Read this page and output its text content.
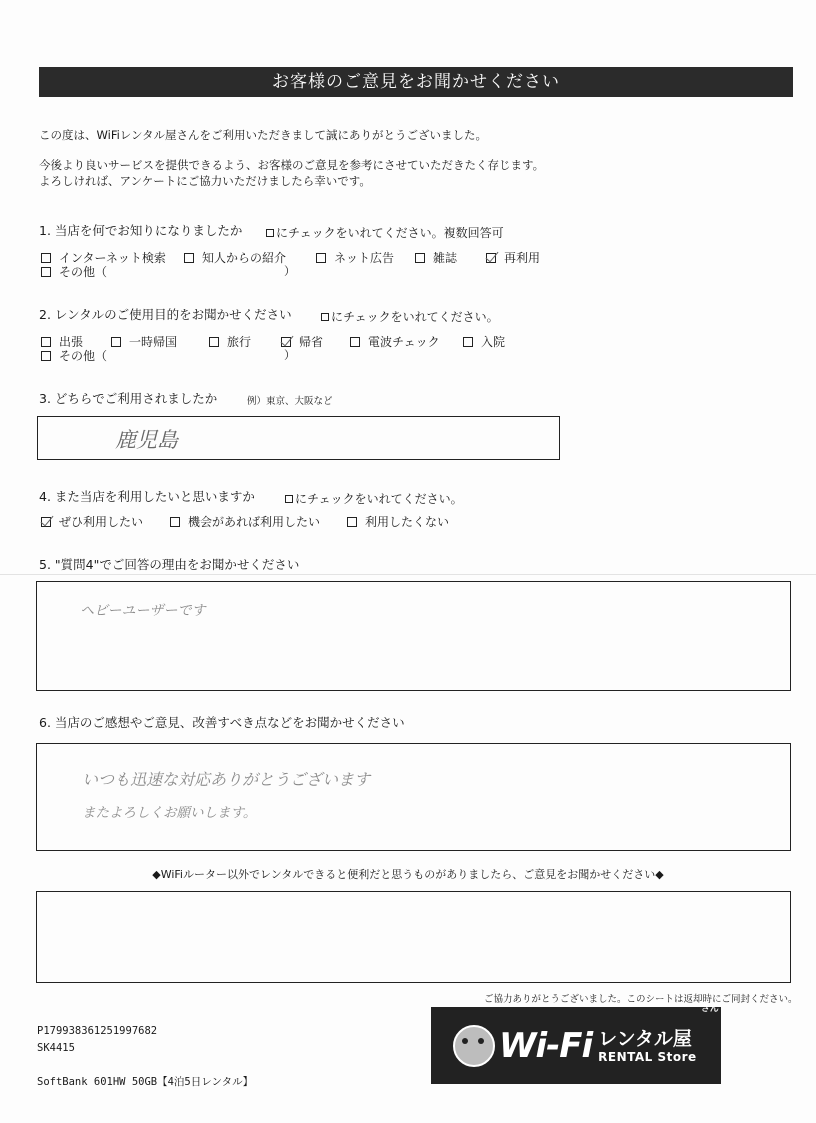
お客様のご意見をお聞かせください
この度は、WiFiレンタル屋さんをご利用いただきまして誠にありがとうございました。
今後より良いサービスを提供できるよう、お客様のご意見を参考にさせていただきたく存じます。
よろしければ、アンケートにご協力いただけましたら幸いです。
1. 当店を何でお知りになりましたか	にチェックをいれてください。複数回答可
インターネット検索	知人からの紹介	ネット広告	雑誌	再利用
その他（	）
2. レンタルのご使用目的をお聞かせください	にチェックをいれてください。
出張	一時帰国	旅行	帰省	電波チェック	入院
その他（	）
3. どちらでご利用されましたか	例）東京、大阪など
鹿児島
4. また当店を利用したいと思いますか	にチェックをいれてください。
ぜひ利用したい	機会があれば利用したい	利用したくない
5. "質問4"でご回答の理由をお聞かせください
ヘビーユーザーです
6. 当店のご感想やご意見、改善すべき点などをお聞かせください
いつも迅速な対応ありがとうございます
またよろしくお願いします。
◆WiFiルーター以外でレンタルできると便利だと思うものがありましたら、ご意見をお聞かせください◆
ご協力ありがとうございました。このシートは返却時にご同封ください。
P179938361251997682
SK4415
SoftBank 601HW 50GB【4泊5日レンタル】
Wi-Fi レンタル屋
RENTAL Store
さん
